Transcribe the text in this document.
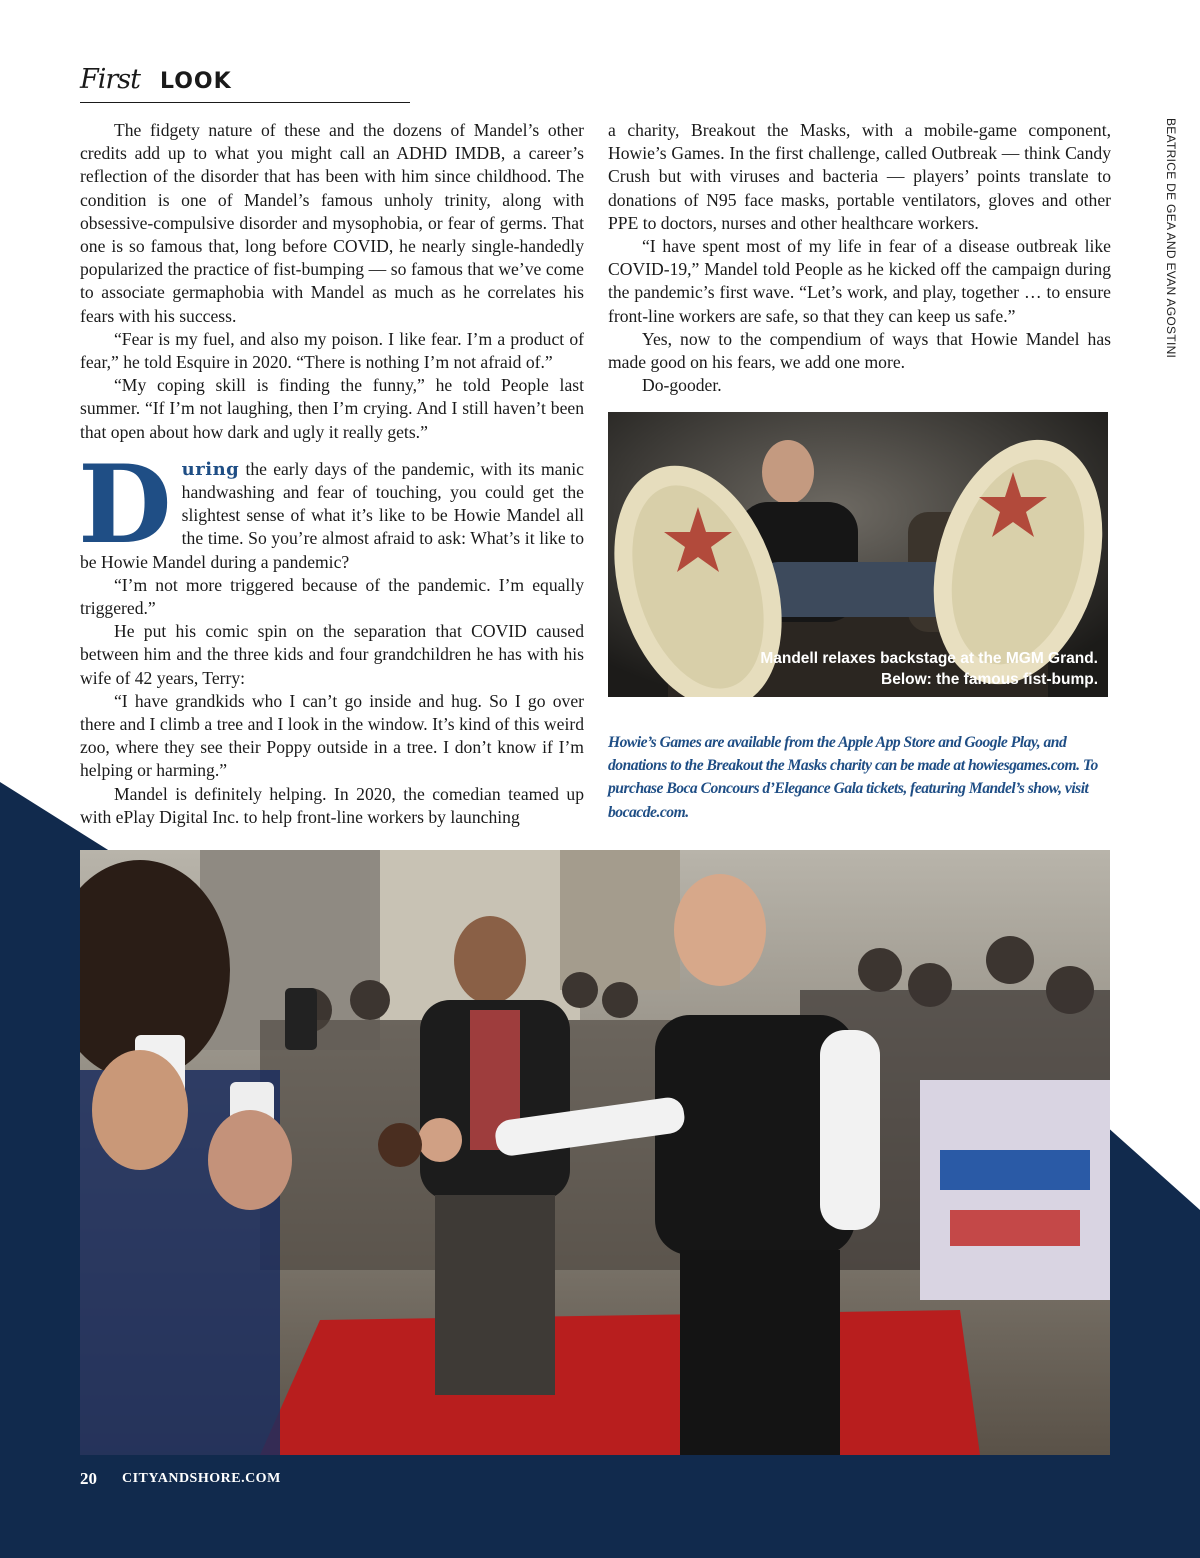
First LOOK

The fidgety nature of these and the dozens of Mandel’s other credits add up to what you might call an ADHD IMDB, a career’s reflection of the disorder that has been with him since childhood. The condition is one of Mandel’s famous unholy trinity, along with obsessive-compulsive disorder and mysophobia, or fear of germs. That one is so famous that, long before COVID, he nearly single-handedly popularized the practice of fist-bumping — so famous that we’ve come to associate germaphobia with Mandel as much as he correlates his fears with his success.

“Fear is my fuel, and also my poison. I like fear. I’m a product of fear,” he told Esquire in 2020. “There is nothing I’m not afraid of.”

“My coping skill is finding the funny,” he told People last summer. “If I’m not laughing, then I’m crying. And I still haven’t been that open about how dark and ugly it really gets.”

D uring the early days of the pandemic, with its manic handwashing and fear of touching, you could get the slightest sense of what it’s like to be Howie Mandel all the time. So you’re almost afraid to ask: What’s it like to be Howie Mandel during a pandemic?

“I’m not more triggered because of the pandemic. I’m equally triggered.”

He put his comic spin on the separation that COVID caused between him and the three kids and four grandchildren he has with his wife of 42 years, Terry:

“I have grandkids who I can’t go inside and hug. So I go over there and I climb a tree and I look in the window. It’s kind of this weird zoo, where they see their Poppy outside in a tree. I don’t know if I’m helping or harming.”

Mandel is definitely helping. In 2020, the comedian teamed up with ePlay Digital Inc. to help front-line workers by launching

a charity, Breakout the Masks, with a mobile-game component, Howie’s Games. In the first challenge, called Outbreak — think Candy Crush but with viruses and bacteria — players’ points translate to donations of N95 face masks, portable ventilators, gloves and other PPE to doctors, nurses and other healthcare workers.

“I have spent most of my life in fear of a disease outbreak like COVID-19,” Mandel told People as he kicked off the campaign during the pandemic’s first wave. “Let’s work, and play, together … to ensure front-line workers are safe, so that they can keep us safe.”

Yes, now to the compendium of ways that Howie Mandel has made good on his fears, we add one more.

Do-gooder.

BEATRICE DE GEA AND EVAN AGOSTINI
Mandell relaxes backstage at the MGM Grand.
Below: the famous fist-bump.
Howie’s Games are available from the Apple App Store and Google Play, and donations to the Breakout the Masks charity can be made at howiesgames.com. To purchase Boca Concours d’Elegance Gala tickets, featuring Mandel’s show, visit bocacde.com.
20 CITYANDSHORE.COM
